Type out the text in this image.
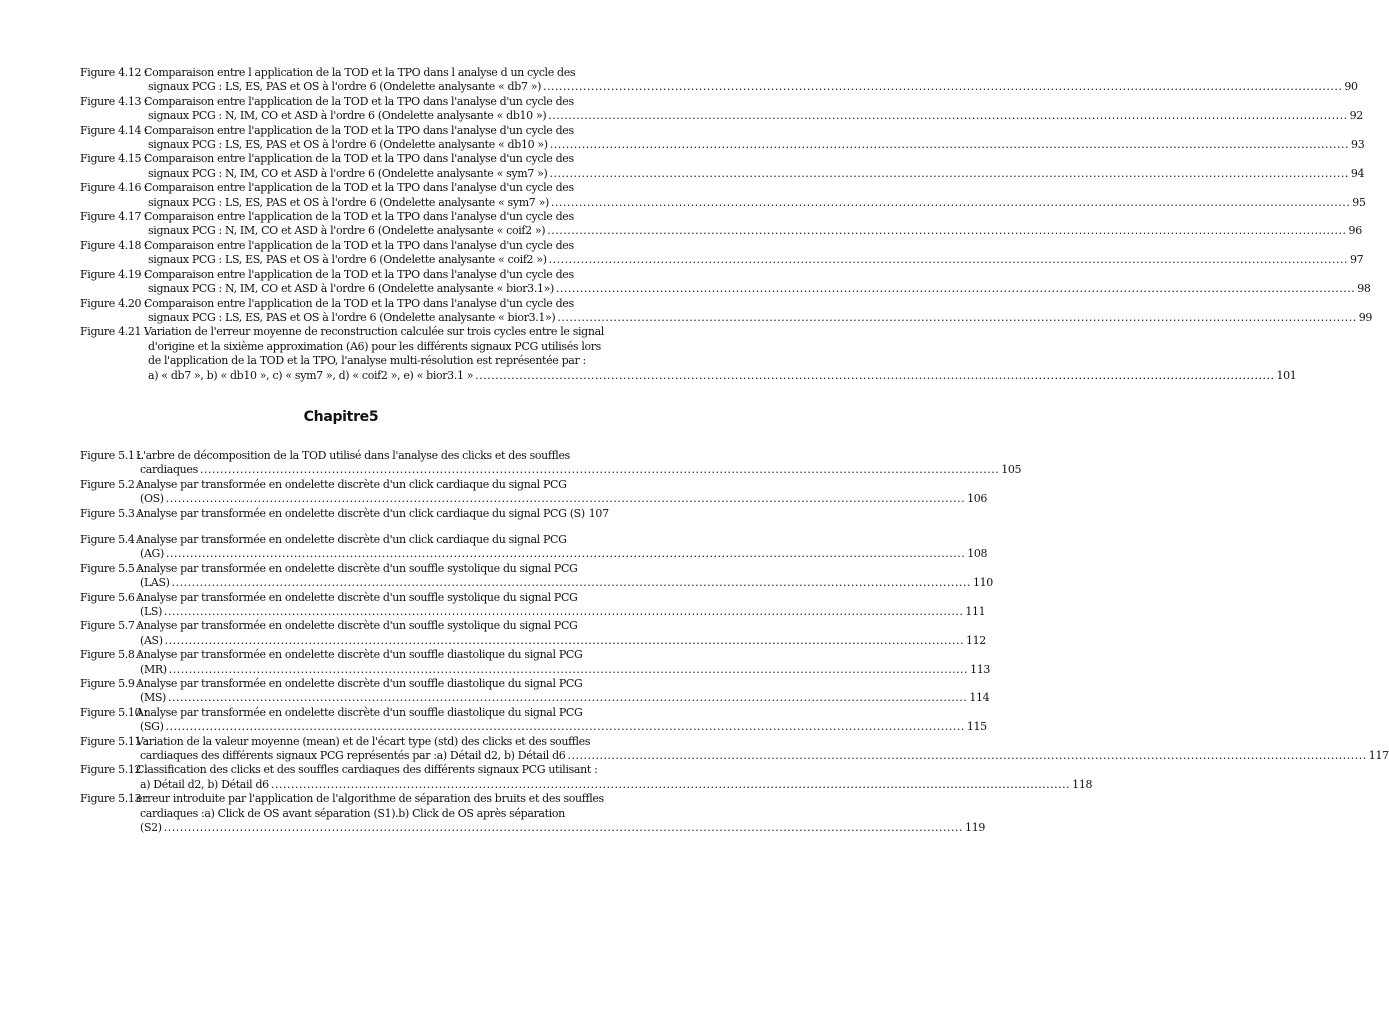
Figure 4.12 :
Comparaison entre l application de la TOD et la TPO dans l analyse d un cycle des
signaux PCG : LS, ES, PAS et OS à l'ordre 6 (Ondelette analysante « db7 ») ........................................................................................................................................................................................................ 90
Figure 4.13 :
Comparaison entre l'application de la TOD et la TPO dans l'analyse d'un cycle des
signaux PCG : N, IM, CO et ASD à l'ordre 6 (Ondelette analysante « db10 ») ........................................................................................................................................................................................................ 92
Figure 4.14 :
Comparaison entre l'application de la TOD et la TPO dans l'analyse d'un cycle des
signaux PCG : LS, ES, PAS et OS à l'ordre 6 (Ondelette analysante « db10 ») ........................................................................................................................................................................................................ 93
Figure 4.15 :
Comparaison entre l'application de la TOD et la TPO dans l'analyse d'un cycle des
signaux PCG : N, IM, CO et ASD à l'ordre 6 (Ondelette analysante « sym7 ») ........................................................................................................................................................................................................ 94
Figure 4.16 :
Comparaison entre l'application de la TOD et la TPO dans l'analyse d'un cycle des
signaux PCG : LS, ES, PAS et OS à l'ordre 6 (Ondelette analysante « sym7 ») ........................................................................................................................................................................................................ 95
Figure 4.17 :
Comparaison entre l'application de la TOD et la TPO dans l'analyse d'un cycle des
signaux PCG : N, IM, CO et ASD à l'ordre 6 (Ondelette analysante « coif2 ») ........................................................................................................................................................................................................ 96
Figure 4.18 :
Comparaison entre l'application de la TOD et la TPO dans l'analyse d'un cycle des
signaux PCG : LS, ES, PAS et OS à l'ordre 6 (Ondelette analysante « coif2 ») ........................................................................................................................................................................................................ 97
Figure 4.19 :
Comparaison entre l'application de la TOD et la TPO dans l'analyse d'un cycle des
signaux PCG : N, IM, CO et ASD à l'ordre 6 (Ondelette analysante « bior3.1») ........................................................................................................................................................................................................ 98
Figure 4.20 :
Comparaison entre l'application de la TOD et la TPO dans l'analyse d'un cycle des
signaux PCG : LS, ES, PAS et OS à l'ordre 6 (Ondelette analysante « bior3.1») ........................................................................................................................................................................................................ 99
Figure 4.21 :
Variation de l'erreur moyenne de reconstruction calculée sur trois cycles entre le signal
d'origine et la sixième approximation (A6) pour les différents signaux PCG utilisés lors
de l'application de la TOD et la TPO, l'analyse multi-résolution est représentée par :
a) « db7 », b) « db10 », c) « sym7 », d) « coif2 », e) « bior3.1 » ........................................................................................................................................................................................................ 101
Chapitre5
Figure 5.1 :
L'arbre de décomposition de la TOD utilisé dans l'analyse des clicks et des souffles
cardiaques ........................................................................................................................................................................................................ 105
Figure 5.2 :
Analyse par transformée en ondelette discrète d'un click cardiaque du signal PCG
(OS) ........................................................................................................................................................................................................ 106
Figure 5.3 :
Analyse par transformée en ondelette discrète d'un click cardiaque du signal PCG (S) 107
Figure 5.4 :
Analyse par transformée en ondelette discrète d'un click cardiaque du signal PCG
(AG) ........................................................................................................................................................................................................ 108
Figure 5.5 :
Analyse par transformée en ondelette discrète d'un souffle systolique du signal PCG
(LAS) ........................................................................................................................................................................................................ 110
Figure 5.6 :
Analyse par transformée en ondelette discrète d'un souffle systolique du signal PCG
(LS) ........................................................................................................................................................................................................ 111
Figure 5.7 :
Analyse par transformée en ondelette discrète d'un souffle systolique du signal PCG
(AS) ........................................................................................................................................................................................................ 112
Figure 5.8 :
Analyse par transformée en ondelette discrète d'un souffle diastolique du signal PCG
(MR) ........................................................................................................................................................................................................ 113
Figure 5.9 :
Analyse par transformée en ondelette discrète d'un souffle diastolique du signal PCG
(MS) ........................................................................................................................................................................................................ 114
Figure 5.10 :
Analyse par transformée en ondelette discrète d'un souffle diastolique du signal PCG
(SG) ........................................................................................................................................................................................................ 115
Figure 5.11 :
Variation de la valeur moyenne (mean) et de l'écart type (std) des clicks et des souffles
cardiaques des différents signaux PCG représentés par :a) Détail d2, b) Détail d6 ........................................................................................................................................................................................................ 117
Figure 5.12 :
Classification des clicks et des souffles cardiaques des différents signaux PCG utilisant :
a) Détail d2, b) Détail d6 ........................................................................................................................................................................................................ 118
Figure 5.13 :
erreur introduite par l'application de l'algorithme de séparation des bruits et des souffles
cardiaques :a) Click de OS avant séparation (S1).b) Click de OS après séparation
(S2) ........................................................................................................................................................................................................ 119
